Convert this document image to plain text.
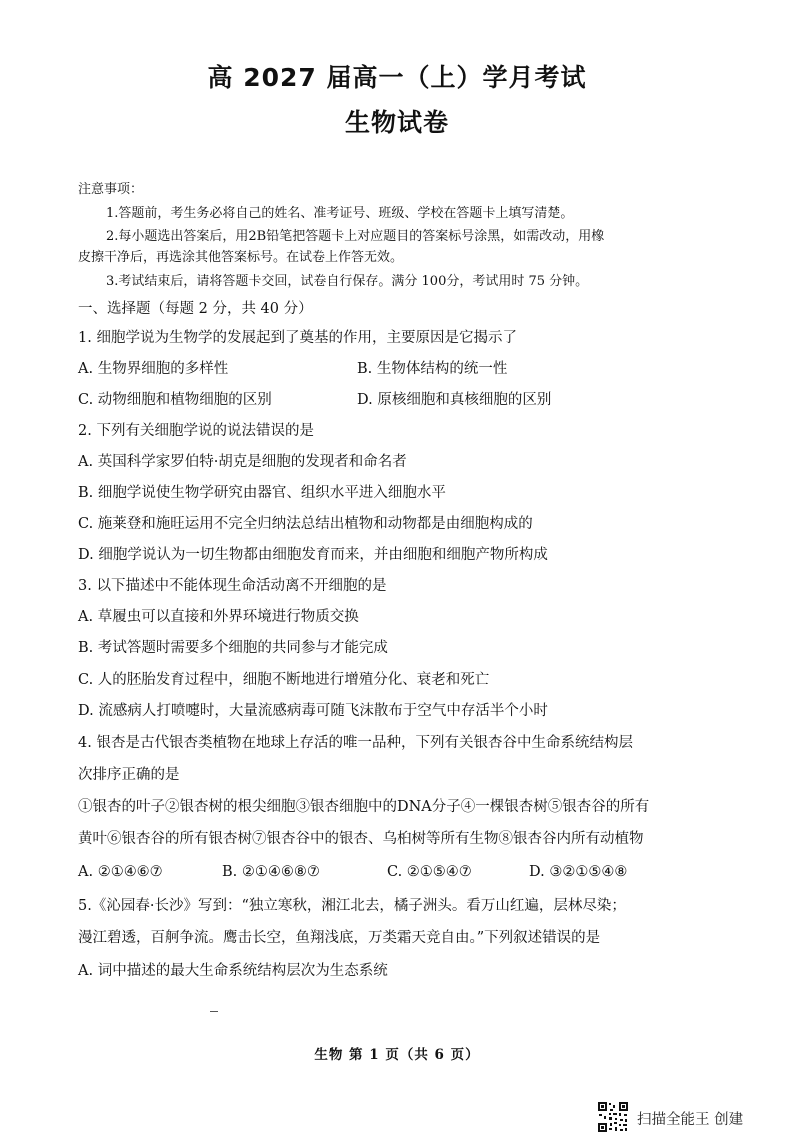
高 2027 届高一（上）学月考试
生物试卷
注意事项：
1.答题前，考生务必将自己的姓名、准考证号、班级、学校在答题卡上填写清楚。
2.每小题选出答案后，用2B铅笔把答题卡上对应题目的答案标号涂黑，如需改动，用橡
皮擦干净后，再选涂其他答案标号。在试卷上作答无效。
3.考试结束后，请将答题卡交回，试卷自行保存。满分 100分，考试用时 75 分钟。
一、选择题（每题 2 分，共 40 分）
1. 细胞学说为生物学的发展起到了奠基的作用，主要原因是它揭示了
A. 生物界细胞的多样性	B. 生物体结构的统一性
C. 动物细胞和植物细胞的区别	D. 原核细胞和真核细胞的区别
2. 下列有关细胞学说的说法错误的是
A. 英国科学家罗伯特·胡克是细胞的发现者和命名者
B. 细胞学说使生物学研究由器官、组织水平进入细胞水平
C. 施莱登和施旺运用不完全归纳法总结出植物和动物都是由细胞构成的
D. 细胞学说认为一切生物都由细胞发育而来，并由细胞和细胞产物所构成
3. 以下描述中不能体现生命活动离不开细胞的是
A. 草履虫可以直接和外界环境进行物质交换
B. 考试答题时需要多个细胞的共同参与才能完成
C. 人的胚胎发育过程中，细胞不断地进行增殖分化、衰老和死亡
D. 流感病人打喷嚏时，大量流感病毒可随飞沫散布于空气中存活半个小时
4. 银杏是古代银杏类植物在地球上存活的唯一品种，下列有关银杏谷中生命系统结构层
次排序正确的是
①银杏的叶子②银杏树的根尖细胞③银杏细胞中的DNA分子④一棵银杏树⑤银杏谷的所有
黄叶⑥银杏谷的所有银杏树⑦银杏谷中的银杏、乌桕树等所有生物⑧银杏谷内所有动植物
A. ②①④⑥⑦	B. ②①④⑥⑧⑦	C. ②①⑤④⑦	D. ③②①⑤④⑧
5.《沁园春·长沙》写到：“独立寒秋，湘江北去，橘子洲头。看万山红遍，层林尽染；
漫江碧透，百舸争流。鹰击长空，鱼翔浅底，万类霜天竞自由。”下列叙述错误的是
A. 词中描述的最大生命系统结构层次为生态系统
生物 第 1 页（共 6 页）
扫描全能王 创建
